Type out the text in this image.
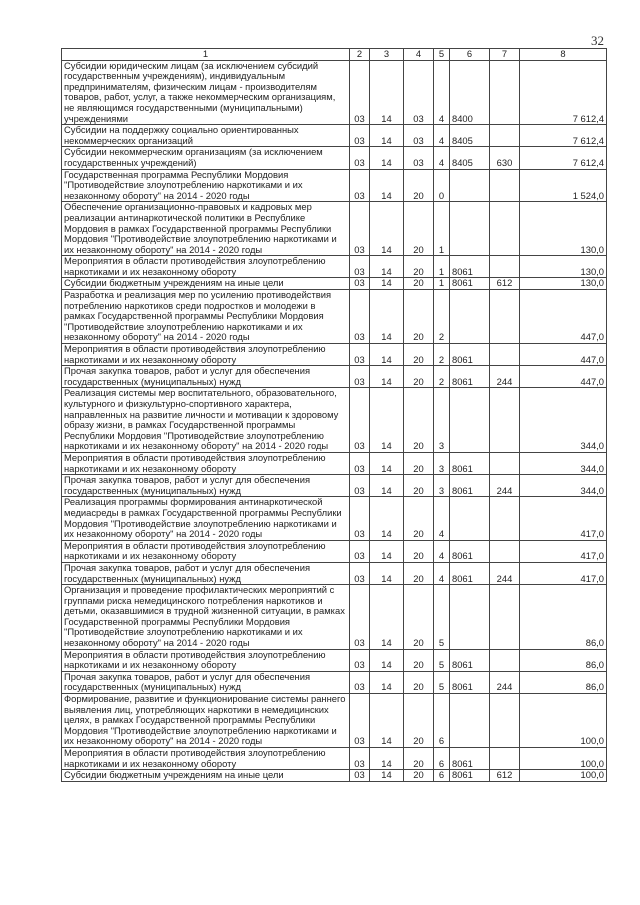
32
1	2	3	4	5	6	7	8
Субсидии юридическим лицам (за исключением субсидий государственным учреждениям), индивидуальным предпринимателям, физическим лицам - производителям товаров, работ, услуг, а также некоммерческим организациям, не являющимся государственными (муниципальными) учреждениями	03	14	03	4	8400		7 612,4
Субсидии на поддержку социально ориентированных некоммерческих организаций	03	14	03	4	8405		7 612,4
Субсидии некоммерческим организациям (за исключением государственных учреждений)	03	14	03	4	8405	630	7 612,4
Государственная программа Республики Мордовия "Противодействие злоупотреблению наркотиками и их незаконному обороту" на 2014 - 2020 годы	03	14	20	0			1 524,0
Обеспечение организационно-правовых и кадровых мер реализации антинаркотической политики в Республике Мордовия в рамках Государственной программы Республики Мордовия "Противодействие злоупотреблению наркотиками и их незаконному обороту" на 2014 - 2020 годы	03	14	20	1			130,0
Мероприятия в области противодействия злоупотреблению наркотиками и их незаконному обороту	03	14	20	1	8061		130,0
Субсидии бюджетным учреждениям на иные цели	03	14	20	1	8061	612	130,0
Разработка и реализация мер по усилению противодействия потреблению наркотиков среди подростков и молодежи в рамках Государственной программы Республики Мордовия "Противодействие злоупотреблению наркотиками и их незаконному обороту" на 2014 - 2020 годы	03	14	20	2			447,0
Мероприятия в области противодействия злоупотреблению наркотиками и их незаконному обороту	03	14	20	2	8061		447,0
Прочая закупка товаров, работ и услуг для обеспечения государственных (муниципальных) нужд	03	14	20	2	8061	244	447,0
Реализация системы мер воспитательного, образовательного, культурного и физкультурно-спортивного характера, направленных на развитие личности и мотивации к здоровому образу жизни, в рамках Государственной программы Республики Мордовия "Противодействие злоупотреблению наркотиками и их незаконному обороту" на 2014 - 2020 годы	03	14	20	3			344,0
Мероприятия в области противодействия злоупотреблению наркотиками и их незаконному обороту	03	14	20	3	8061		344,0
Прочая закупка товаров, работ и услуг для обеспечения государственных (муниципальных) нужд	03	14	20	3	8061	244	344,0
Реализация программы формирования антинаркотической медиасреды в рамках Государственной программы Республики Мордовия "Противодействие злоупотреблению наркотиками и их незаконному обороту" на 2014 - 2020 годы	03	14	20	4			417,0
Мероприятия в области противодействия злоупотреблению наркотиками и их незаконному обороту	03	14	20	4	8061		417,0
Прочая закупка товаров, работ и услуг для обеспечения государственных (муниципальных) нужд	03	14	20	4	8061	244	417,0
Организация и проведение профилактических мероприятий с группами риска немедицинского потребления наркотиков и детьми, оказавшимися в трудной жизненной ситуации, в рамках Государственной программы Республики Мордовия "Противодействие злоупотреблению наркотиками и их незаконному обороту" на 2014 - 2020 годы	03	14	20	5			86,0
Мероприятия в области противодействия злоупотреблению наркотиками и их незаконному обороту	03	14	20	5	8061		86,0
Прочая закупка товаров, работ и услуг для обеспечения государственных (муниципальных) нужд	03	14	20	5	8061	244	86,0
Формирование, развитие и функционирование системы раннего выявления лиц, употребляющих наркотики в немедицинских целях, в рамках Государственной программы Республики Мордовия "Противодействие злоупотреблению наркотиками и их незаконному обороту" на 2014 - 2020 годы	03	14	20	6			100,0
Мероприятия в области противодействия злоупотреблению наркотиками и их незаконному обороту	03	14	20	6	8061		100,0
Субсидии бюджетным учреждениям на иные цели	03	14	20	6	8061	612	100,0
